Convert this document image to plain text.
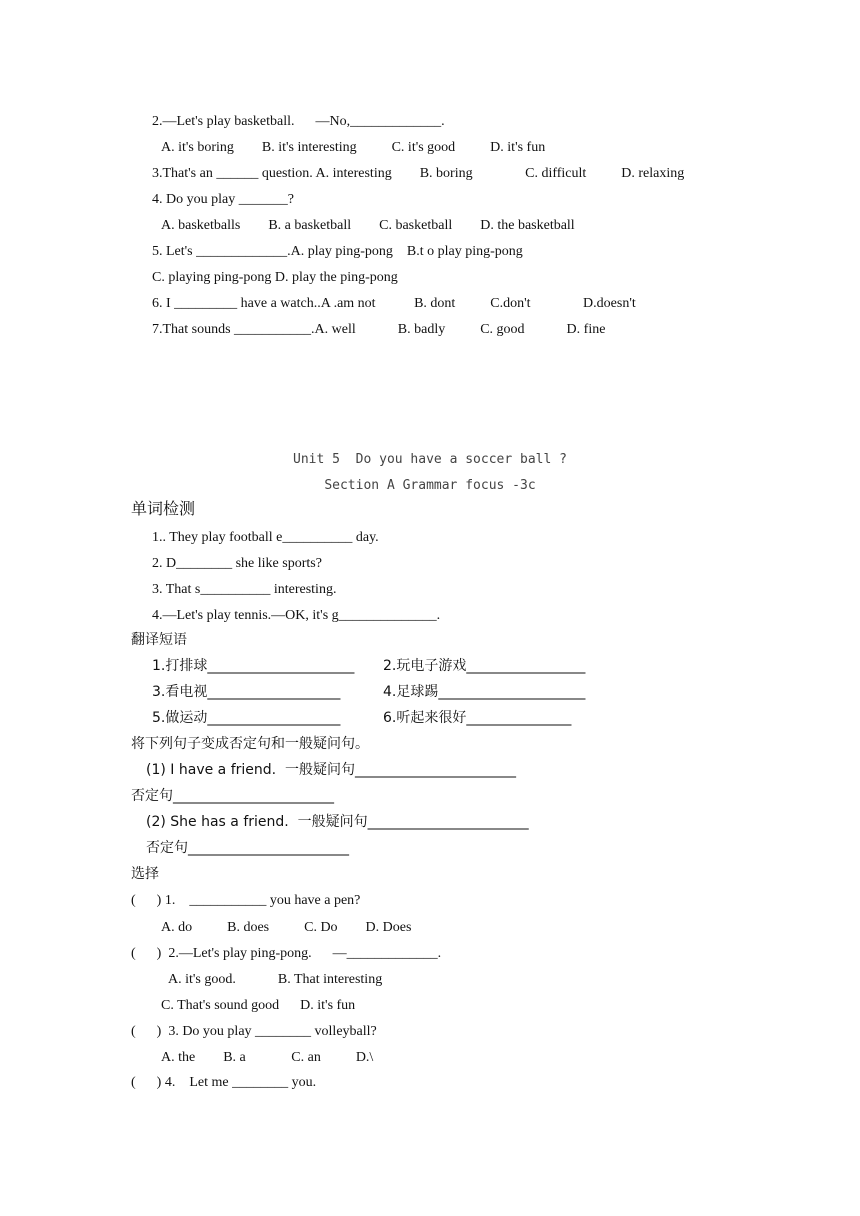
2.—Let's play basketball.      —No,_____________.
A. it's boring        B. it's interesting          C. it's good          D. it's fun
3.That's an ______ question. A. interesting        B. boring               C. difficult          D. relaxing
4. Do you play _______?
A. basketballs        B. a basketball        C. basketball        D. the basketball
5. Let's _____________.A. play ping-pong    B.t o play ping-pong
C. playing ping-pong D. play the ping-pong
6. I _________ have a watch..A .am not           B. dont          C.don't               D.doesn't
7.That sounds ___________.A. well            B. badly          C. good            D. fine
Unit 5  Do you have a soccer ball ?
Section A Grammar focus -3c
单词检测
1.. They play football e__________ day.
2. D________ she like sports?
3. That s__________ interesting.
4.—Let's play tennis.—OK, it's g______________.
翻译短语
1.打排球_____________________ 2.玩电子游戏_________________
3.看电视___________________	4.足球踢_____________________
5.做运动___________________	6.听起来很好_______________
将下列句子变成否定句和一般疑问句。
(1) I have a friend.  一般疑问句_______________________
否定句_______________________
(2) She has a friend.  一般疑问句_______________________
否定句_______________________
选择
(      ) 1.    ___________ you have a pen?
A. do          B. does          C. Do        D. Does
(      )  2.—Let's play ping-pong.      —_____________.
A. it's good.            B. That interesting
C. That's sound good      D. it's fun
(      )  3. Do you play ________ volleyball?
A. the        B. a             C. an          D.\
(      ) 4.    Let me ________ you.
